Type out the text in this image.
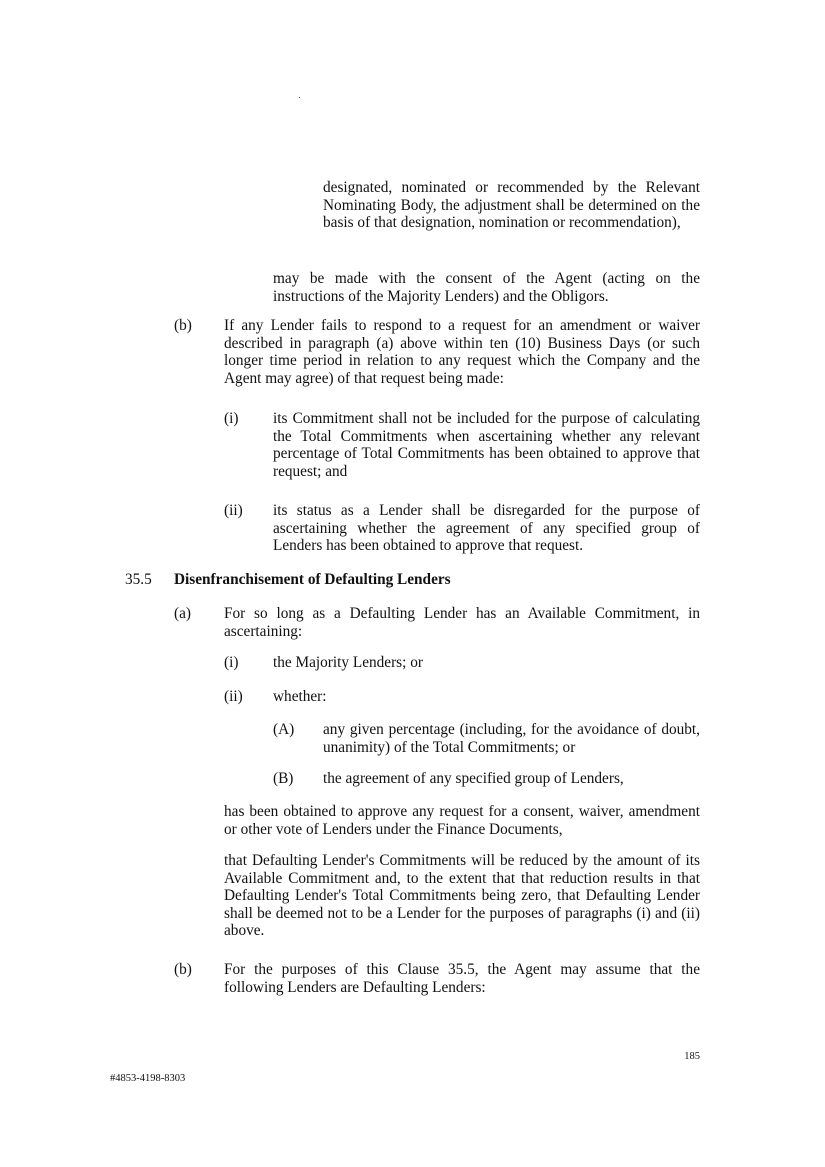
designated, nominated or recommended by the Relevant Nominating Body, the adjustment shall be determined on the basis of that designation, nomination or recommendation),

may be made with the consent of the Agent (acting on the instructions of the Majority Lenders) and the Obligors.

(b) If any Lender fails to respond to a request for an amendment or waiver described in paragraph (a) above within ten (10) Business Days (or such longer time period in relation to any request which the Company and the Agent may agree) of that request being made:

(i) its Commitment shall not be included for the purpose of calculating the Total Commitments when ascertaining whether any relevant percentage of Total Commitments has been obtained to approve that request; and

(ii) its status as a Lender shall be disregarded for the purpose of ascertaining whether the agreement of any specified group of Lenders has been obtained to approve that request.

35.5 Disenfranchisement of Defaulting Lenders

(a) For so long as a Defaulting Lender has an Available Commitment, in ascertaining:

(i) the Majority Lenders; or

(ii) whether:

(A) any given percentage (including, for the avoidance of doubt, unanimity) of the Total Commitments; or

(B) the agreement of any specified group of Lenders,

has been obtained to approve any request for a consent, waiver, amendment or other vote of Lenders under the Finance Documents,

that Defaulting Lender's Commitments will be reduced by the amount of its Available Commitment and, to the extent that that reduction results in that Defaulting Lender's Total Commitments being zero, that Defaulting Lender shall be deemed not to be a Lender for the purposes of paragraphs (i) and (ii) above.

(b) For the purposes of this Clause 35.5, the Agent may assume that the following Lenders are Defaulting Lenders:

185
#4853-4198-8303
